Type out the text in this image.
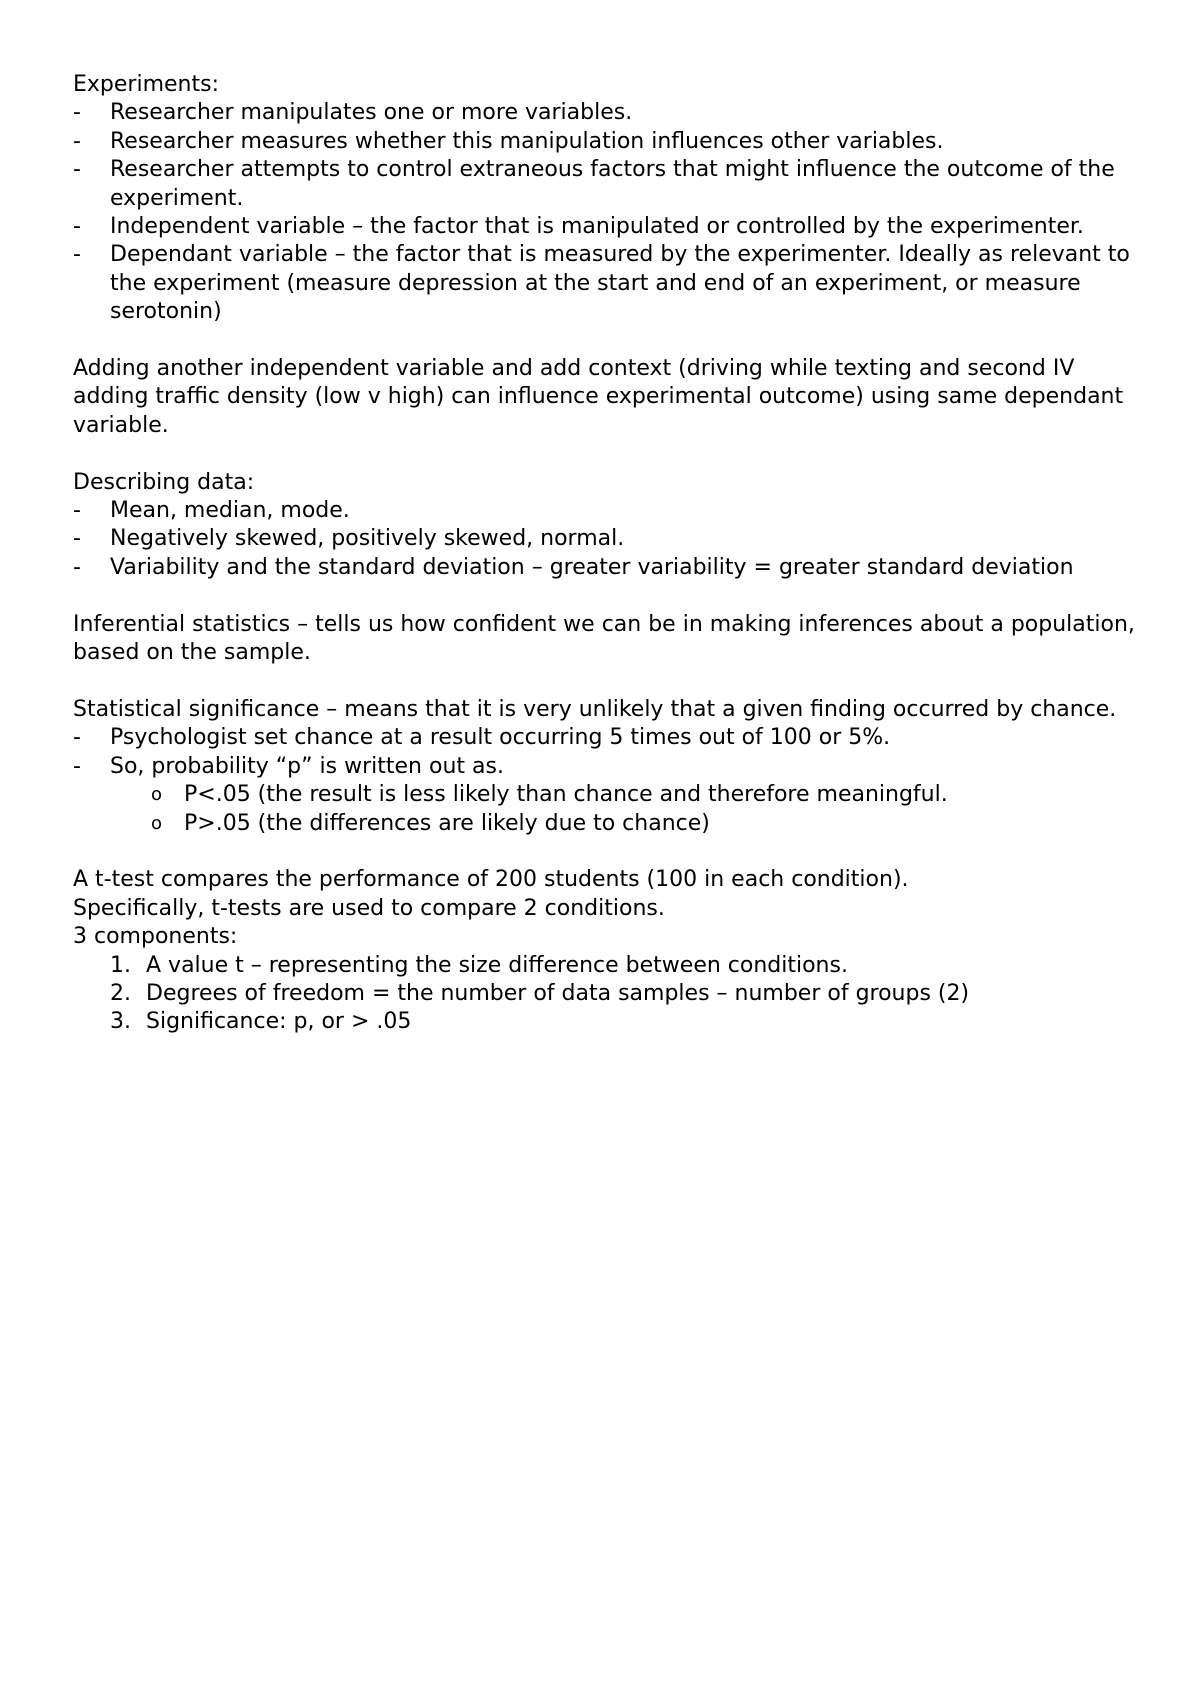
Experiments:

-	Researcher manipulates one or more variables.
-	Researcher measures whether this manipulation influences other variables.
-	Researcher attempts to control extraneous factors that might influence the outcome of the experiment.
-	Independent variable – the factor that is manipulated or controlled by the experimenter.
-	Dependant variable – the factor that is measured by the experimenter. Ideally as relevant to the experiment (measure depression at the start and end of an experiment, or measure serotonin)

Adding another independent variable and add context (driving while texting and second IV adding traffic density (low v high) can influence experimental outcome) using same dependant variable.

Describing data:

-	Mean, median, mode.
-	Negatively skewed, positively skewed, normal.
-	Variability and the standard deviation – greater variability = greater standard deviation

Inferential statistics – tells us how confident we can be in making inferences about a population, based on the sample.

Statistical significance – means that it is very unlikely that a given finding occurred by chance.

-	Psychologist set chance at a result occurring 5 times out of 100 or 5%.
-	So, probability “p” is written out as.
o P<.05 (the result is less likely than chance and therefore meaningful.
o P>.05 (the differences are likely due to chance)

A t-test compares the performance of 200 students (100 in each condition).

Specifically, t-tests are used to compare 2 conditions.

3 components:

1. A value t – representing the size difference between conditions.
2. Degrees of freedom = the number of data samples – number of groups (2)
3. Significance: p, or > .05
